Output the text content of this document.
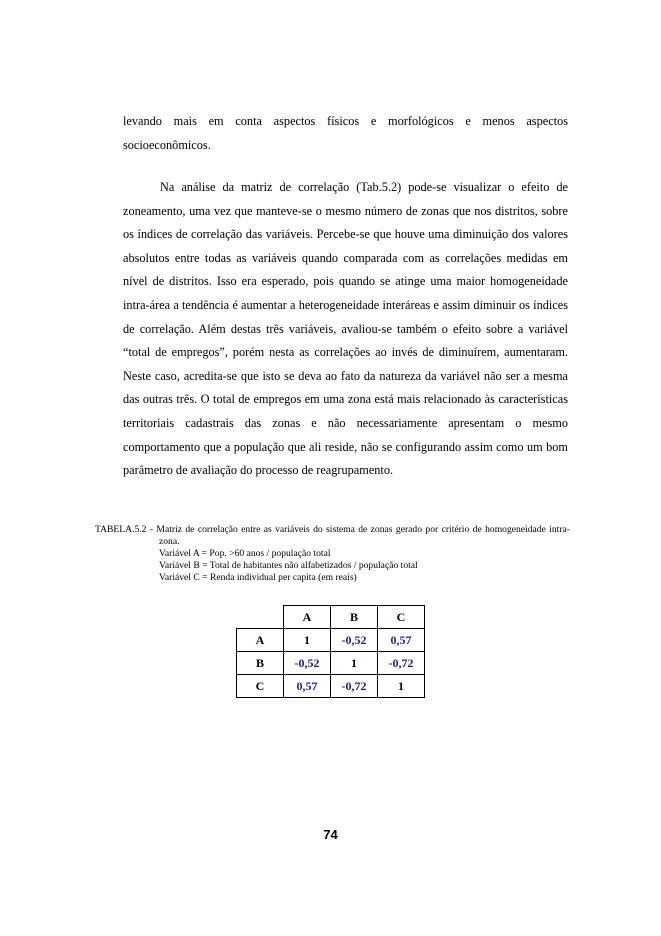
levando mais em conta aspectos físicos e morfológicos e menos aspectos socioeconômicos.

Na análise da matriz de correlação (Tab.5.2) pode-se visualizar o efeito de zoneamento, uma vez que manteve-se o mesmo número de zonas que nos distritos, sobre os índices de correlação das variáveis. Percebe-se que houve uma diminuição dos valores absolutos entre todas as variáveis quando comparada com as correlações medidas em nível de distritos. Isso era esperado, pois quando se atinge uma maior homogeneidade intra-área a tendência é aumentar a heterogeneidade interáreas e assim diminuir os índices de correlação. Além destas três variáveis, avaliou-se também o efeito sobre a variável “total de empregos”, porém nesta as correlações ao invés de diminuírem, aumentaram. Neste caso, acredita-se que isto se deva ao fato da natureza da variável não ser a mesma das outras três. O total de empregos em uma zona está mais relacionado às características territoriais cadastrais das zonas e não necessariamente apresentam o mesmo comportamento que a população que ali reside, não se configurando assim como um bom parâmetro de avaliação do processo de reagrupamento.

TABELA.5.2 - Matriz de correlação entre as variáveis do sistema de zonas gerado por critério de homogeneidade intra-zona.
Variável A = Pop. >60 anos / população total
Variável B = Total de habitantes não alfabetizados / população total
Variável C = Renda individual per capita (em reais)
	A	B	C
A	1	-0,52	0,57
B	-0,52	1	-0,72
C	0,57	-0,72	1
74
